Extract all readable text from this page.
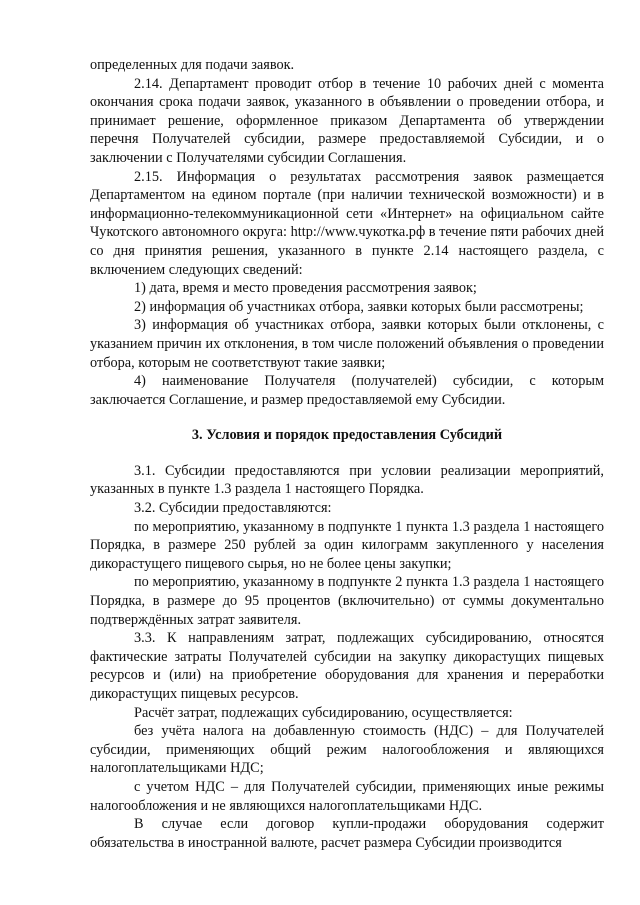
определенных для подачи заявок.

2.14. Департамент проводит отбор в течение 10 рабочих дней с момента окончания срока подачи заявок, указанного в объявлении о проведении отбора, и принимает решение, оформленное приказом Департамента об утверждении перечня Получателей субсидии, размере предоставляемой Субсидии, и о заключении с Получателями субсидии Соглашения.

2.15. Информация о результатах рассмотрения заявок размещается Департаментом на едином портале (при наличии технической возможности) и в информационно-телекоммуникационной сети «Интернет» на официальном сайте Чукотского автономного округа: http://www.чукотка.рф в течение пяти рабочих дней со дня принятия решения, указанного в пункте 2.14 настоящего раздела, с включением следующих сведений:

1) дата, время и место проведения рассмотрения заявок;

2) информация об участниках отбора, заявки которых были рассмотрены;

3) информация об участниках отбора, заявки которых были отклонены, с указанием причин их отклонения, в том числе положений объявления о проведении отбора, которым не соответствуют такие заявки;

4) наименование Получателя (получателей) субсидии, с которым заключается Соглашение, и размер предоставляемой ему Субсидии.

3. Условия и порядок предоставления Субсидий

3.1. Субсидии предоставляются при условии реализации мероприятий, указанных в пункте 1.3 раздела 1 настоящего Порядка.

3.2. Субсидии предоставляются:

по мероприятию, указанному в подпункте 1 пункта 1.3 раздела 1 настоящего Порядка, в размере 250 рублей за один килограмм закупленного у населения дикорастущего пищевого сырья, но не более цены закупки;

по мероприятию, указанному в подпункте 2 пункта 1.3 раздела 1 настоящего Порядка, в размере до 95 процентов (включительно) от суммы документально подтверждённых затрат заявителя.

3.3. К направлениям затрат, подлежащих субсидированию, относятся фактические затраты Получателей субсидии на закупку дикорастущих пищевых ресурсов и (или) на приобретение оборудования для хранения и переработки дикорастущих пищевых ресурсов.

Расчёт затрат, подлежащих субсидированию, осуществляется:

без учёта налога на добавленную стоимость (НДС) – для Получателей субсидии, применяющих общий режим налогообложения и являющихся налогоплательщиками НДС;

с учетом НДС – для Получателей субсидии, применяющих иные режимы налогообложения и не являющихся налогоплательщиками НДС.

В случае если договор купли-продажи оборудования содержит обязательства в иностранной валюте, расчет размера Субсидии производится
